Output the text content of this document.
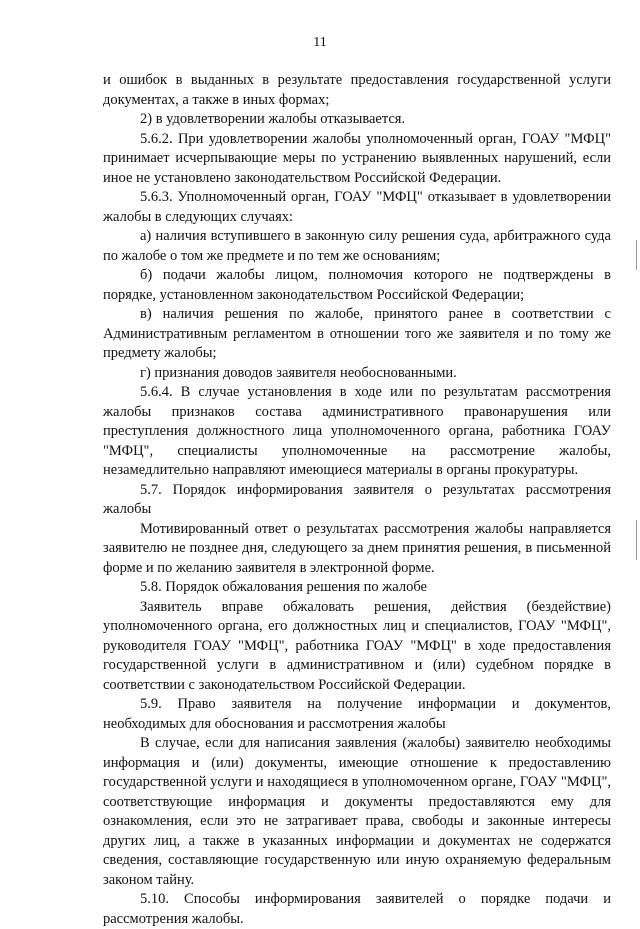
11

и ошибок в выданных в результате предоставления государственной услуги документах, а также в иных формах;

2) в удовлетворении жалобы отказывается.

5.6.2. При удовлетворении жалобы уполномоченный орган, ГОАУ "МФЦ" принимает исчерпывающие меры по устранению выявленных нарушений, если иное не установлено законодательством Российской Федерации.

5.6.3. Уполномоченный орган, ГОАУ "МФЦ" отказывает в удовлетворении жалобы в следующих случаях:

а) наличия вступившего в законную силу решения суда, арбитражного суда по жалобе о том же предмете и по тем же основаниям;

б) подачи жалобы лицом, полномочия которого не подтверждены в порядке, установленном законодательством Российской Федерации;

в) наличия решения по жалобе, принятого ранее в соответствии с Административным регламентом в отношении того же заявителя и по тому же предмету жалобы;

г) признания доводов заявителя необоснованными.

5.6.4. В случае установления в ходе или по результатам рассмотрения жалобы признаков состава административного правонарушения или преступления должностного лица уполномоченного органа, работника ГОАУ "МФЦ", специалисты уполномоченные на рассмотрение жалобы, незамедлительно направляют имеющиеся материалы в органы прокуратуры.

5.7. Порядок информирования заявителя о результатах рассмотрения жалобы

Мотивированный ответ о результатах рассмотрения жалобы направляется заявителю не позднее дня, следующего за днем принятия решения, в письменной форме и по желанию заявителя в электронной форме.

5.8. Порядок обжалования решения по жалобе

Заявитель вправе обжаловать решения, действия (бездействие) уполномоченного органа, его должностных лиц и специалистов, ГОАУ "МФЦ", руководителя ГОАУ "МФЦ", работника ГОАУ "МФЦ" в ходе предоставления государственной услуги в административном и (или) судебном порядке в соответствии с законодательством Российской Федерации.

5.9. Право заявителя на получение информации и документов, необходимых для обоснования и рассмотрения жалобы

В случае, если для написания заявления (жалобы) заявителю необходимы информация и (или) документы, имеющие отношение к предоставлению государственной услуги и находящиеся в уполномоченном органе, ГОАУ "МФЦ", соответствующие информация и документы предоставляются ему для ознакомления, если это не затрагивает права, свободы и законные интересы других лиц, а также в указанных информации и документах не содержатся сведения, составляющие государственную или иную охраняемую федеральным законом тайну.

5.10. Способы информирования заявителей о порядке подачи и рассмотрения жалобы.
